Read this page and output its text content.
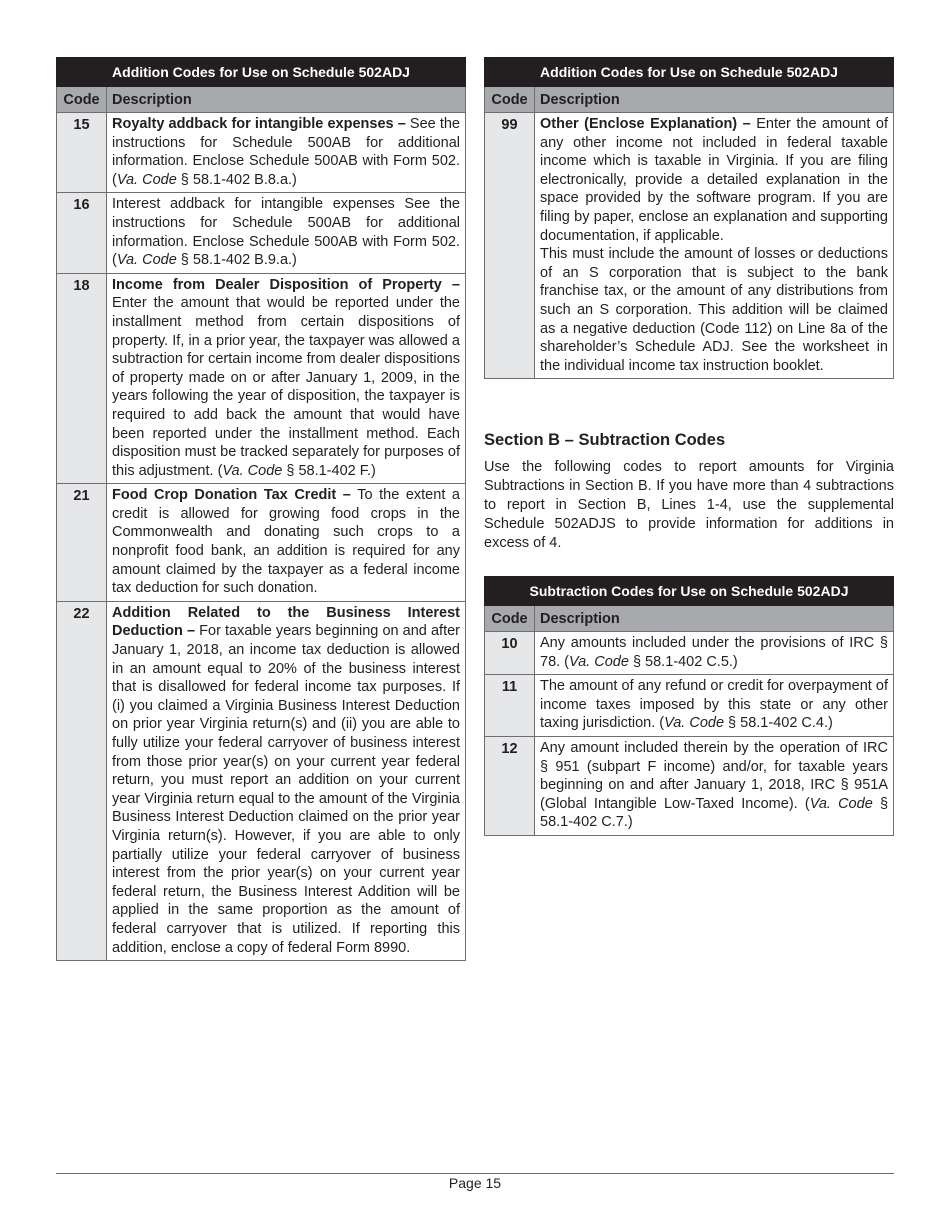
Addition Codes for Use on Schedule 502ADJ	
Code	Description
15	Royalty addback for intangible expenses – See the instructions for Schedule 500AB for additional information. Enclose Schedule 500AB with Form 502. (Va. Code § 58.1-402 B.8.a.)
16	Interest addback for intangible expenses See the instructions for Schedule 500AB for additional information. Enclose Schedule 500AB with Form 502. (Va. Code § 58.1-402 B.9.a.)
18	Income from Dealer Disposition of Property – Enter the amount that would be reported under the installment method from certain dispositions of property. If, in a prior year, the taxpayer was allowed a subtraction for certain income from dealer dispositions of property made on or after January 1, 2009, in the years following the year of disposition, the taxpayer is required to add back the amount that would have been reported under the installment method. Each disposition must be tracked separately for purposes of this adjustment. (Va. Code § 58.1-402 F.)
21	Food Crop Donation Tax Credit – To the extent a credit is allowed for growing food crops in the Commonwealth and donating such crops to a nonprofit food bank, an addition is required for any amount claimed by the taxpayer as a federal income tax deduction for such donation.
22	Addition Related to the Business Interest Deduction – For taxable years beginning on and after January 1, 2018, an income tax deduction is allowed in an amount equal to 20% of the business interest that is disallowed for federal income tax purposes. If (i) you claimed a Virginia Business Interest Deduction on prior year Virginia return(s) and (ii) you are able to fully utilize your federal carryover of business interest from those prior year(s) on your current year federal return, you must report an addition on your current year Virginia return equal to the amount of the Virginia Business Interest Deduction claimed on the prior year Virginia return(s). However, if you are able to only partially utilize your federal carryover of business interest from the prior year(s) on your current year federal return, the Business Interest Addition will be applied in the same proportion as the amount of federal carryover that is utilized. If reporting this addition, enclose a copy of federal Form 8990.
Addition Codes for Use on Schedule 502ADJ	
Code	Description
99	Other (Enclose Explanation) – Enter the amount of any other income not included in federal taxable income which is taxable in Virginia. If you are filing electronically, provide a detailed explanation in the space provided by the software program. If you are filing by paper, enclose an explanation and supporting documentation, if applicable.

This must include the amount of losses or deductions of an S corporation that is subject to the bank franchise tax, or the amount of any distributions from such an S corporation. This addition will be claimed as a negative deduction (Code 112) on Line 8a of the shareholder’s Schedule ADJ. See the worksheet in the individual income tax instruction booklet.

Section B – Subtraction Codes

Use the following codes to report amounts for Virginia Subtractions in Section B. If you have more than 4 subtractions to report in Section B, Lines 1-4, use the supplemental Schedule 502ADJS to provide information for additions in excess of 4.

Subtraction Codes for Use on Schedule 502ADJ	
Code	Description
10	Any amounts included under the provisions of IRC § 78. (Va. Code § 58.1-402 C.5.)
11	The amount of any refund or credit for overpayment of income taxes imposed by this state or any other taxing jurisdiction. (Va. Code § 58.1-402 C.4.)
12	Any amount included therein by the operation of IRC § 951 (subpart F income) and/or, for taxable years beginning on and after January 1, 2018, IRC § 951A (Global Intangible Low-Taxed Income). (Va. Code § 58.1-402 C.7.)
Page 15
